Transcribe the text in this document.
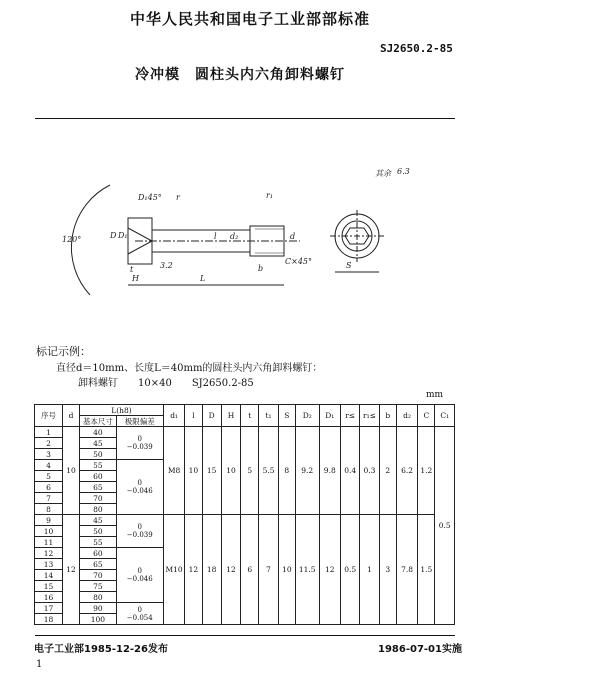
中华人民共和国电子工业部部标准
SJ2650.2-85
冷冲模　圆柱头内六角卸料螺钉
120°
L
H
D₁45° r	r₁
D D₁	l d₂	d
b
t
C×45°
3.2	S
其余 6.3
标记示例：
直径d＝10mm、长度L＝40mm的圆柱头内六角卸料螺钉：
卸料螺钉　　10×40　　SJ2650.2-85
mm
序号	d	L(h8)		d₁	l	D	H	t	t₁	S	D₂	D₁	r≤	r₁≤	b	d₂	C	C₁
		基本尺寸	极限偏差															
1	10	40	0
−0.039	M8	10	15	10	5	5.5	8	9.2	9.8	0.4	0.3	2	6.2	1.2	0.5
2		45																
3		50																
4		55	0
−0.046															

5		60																
6		65																
7		70																
8		80																
9	12	45	0
−0.039	M10	12	18	12	6	7	10	11.5	12	0.5	1	3	7.8	1.5	
10		50																
11		55																
12		60	0
−0.046															

13		65																
14		70																
15		75																
16		80																
17		90	0
−0.054															

18		100																
电子工业部1985-12-26发布	1986-07-01实施
1
